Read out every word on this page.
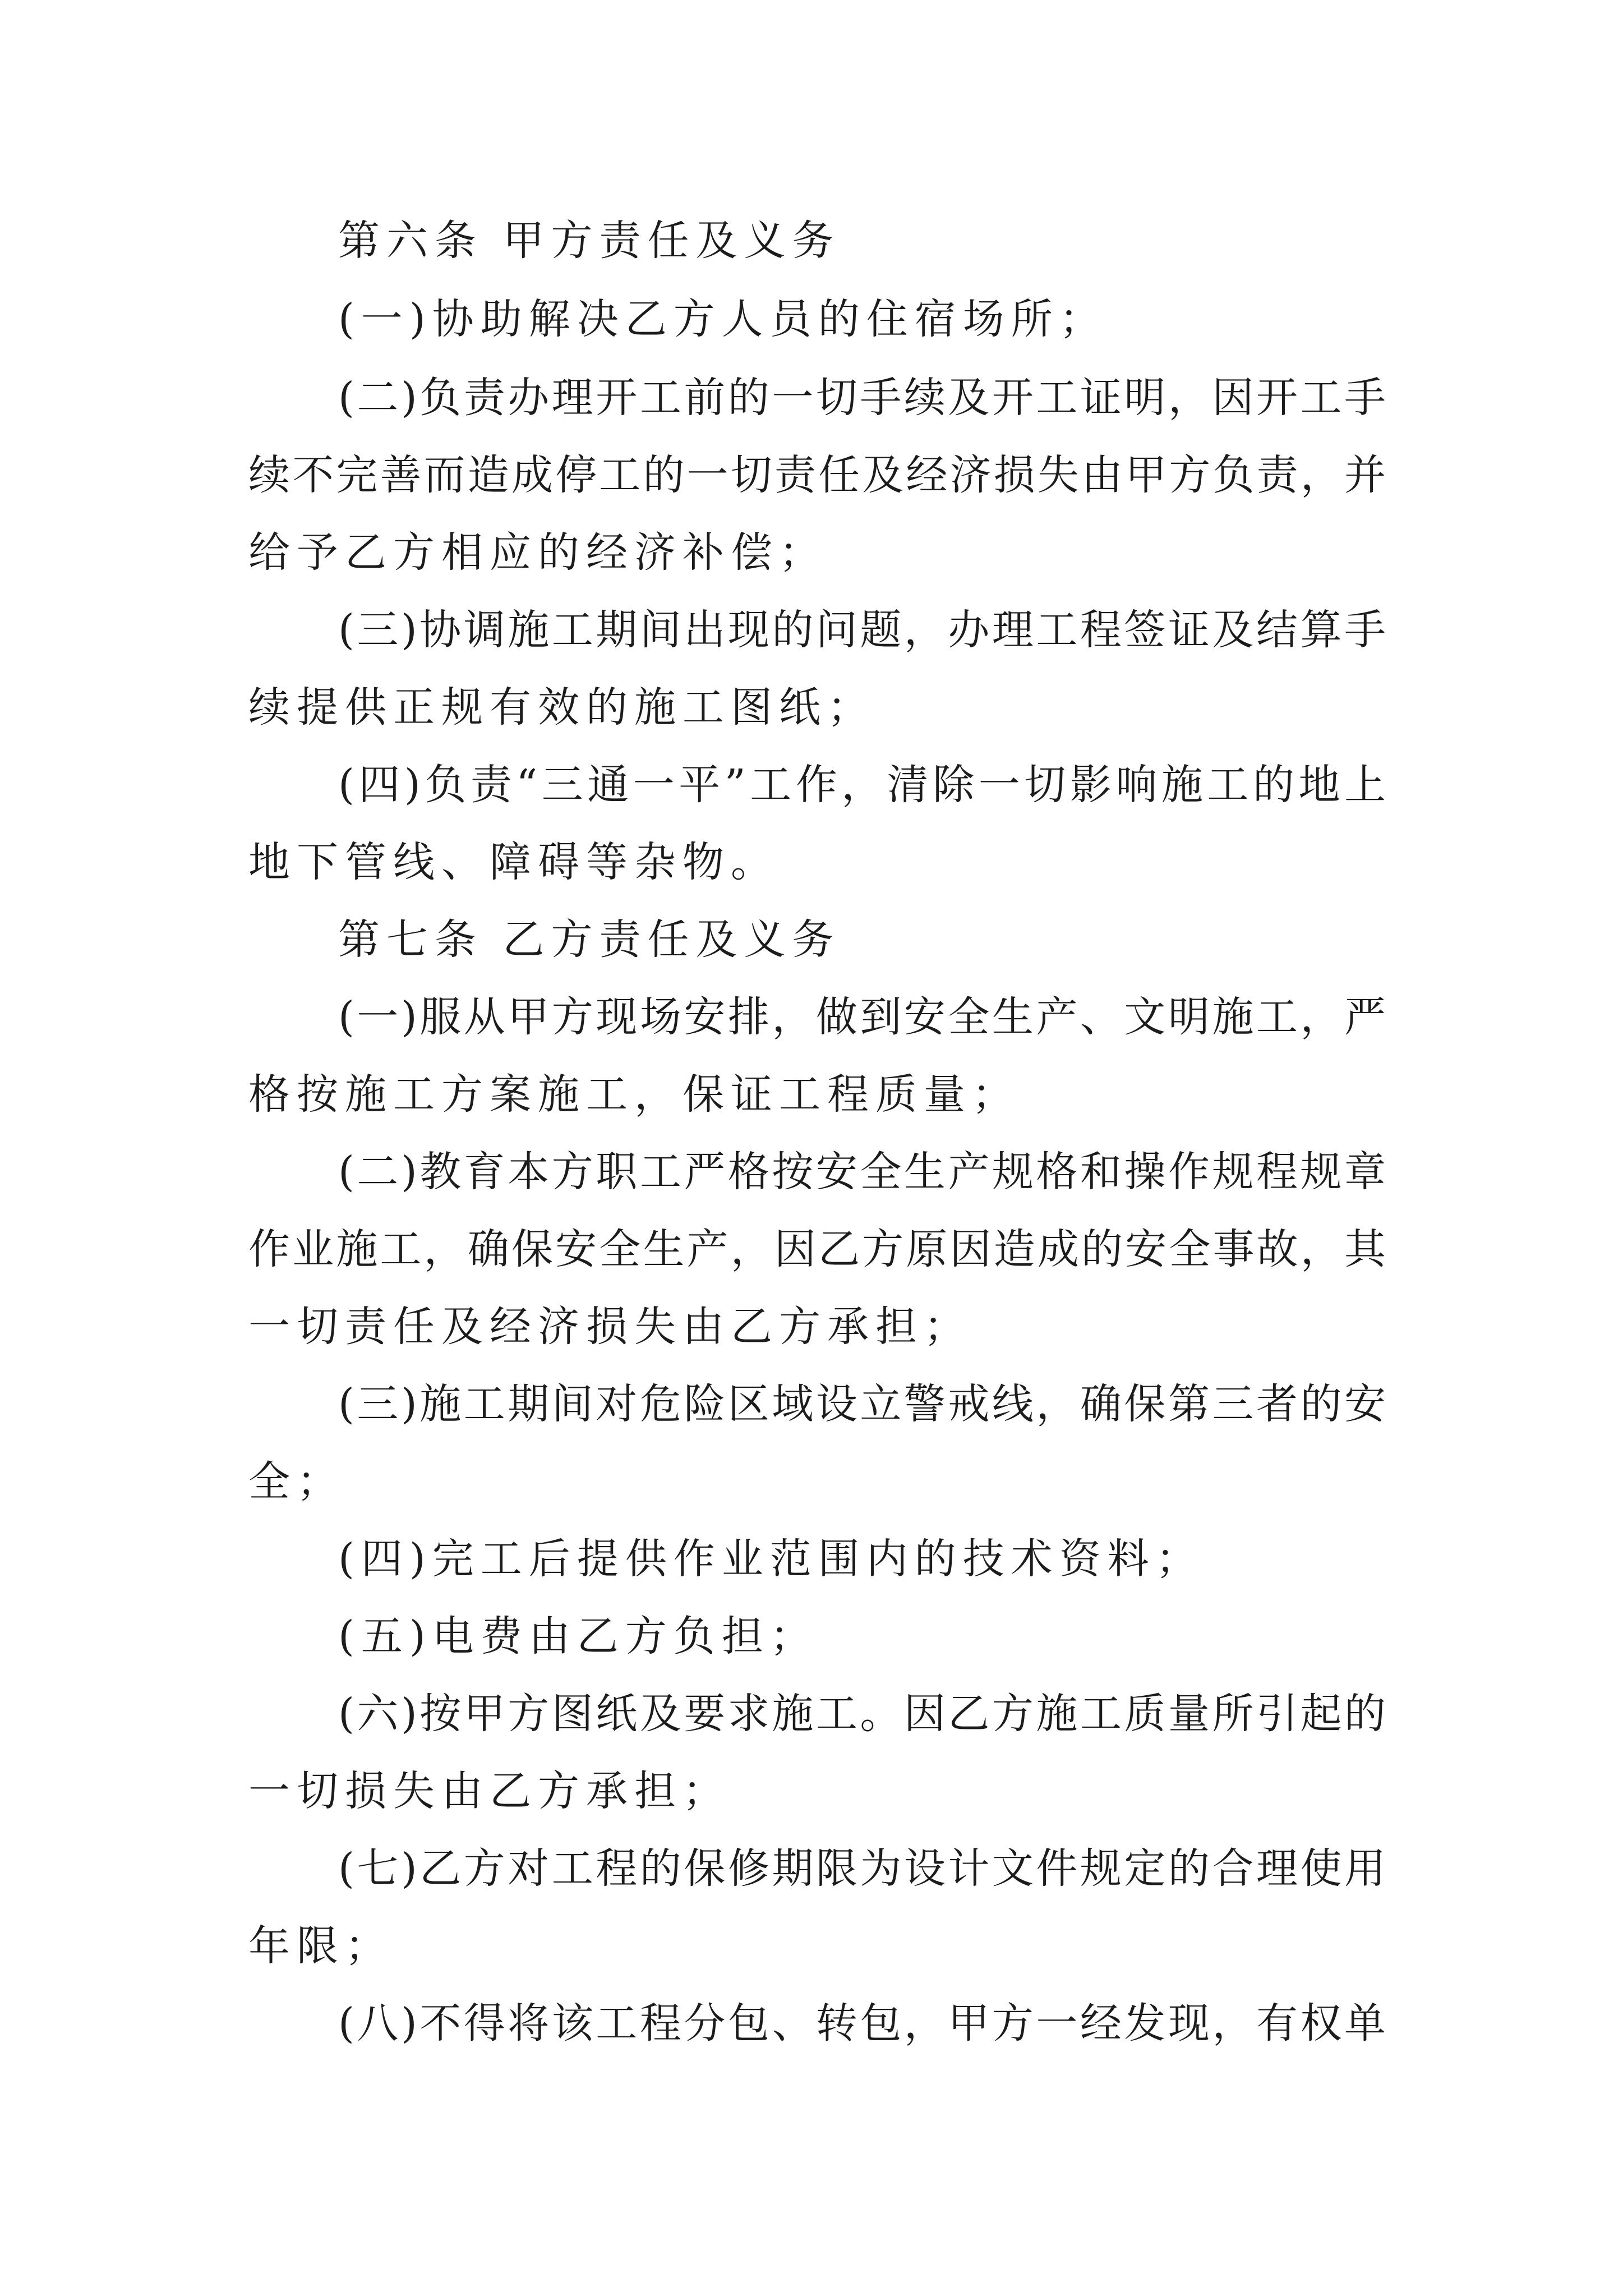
第六条 甲方责任及义务

(一)协助解决乙方人员的住宿场所；

(二)负责办理开工前的一切手续及开工证明，因开工手

续不完善而造成停工的一切责任及经济损失由甲方负责，并

给予乙方相应的经济补偿；

(三)协调施工期间出现的问题，办理工程签证及结算手

续提供正规有效的施工图纸；

(四)负责“三通一平”工作，清除一切影响施工的地上

地下管线、障碍等杂物。

第七条 乙方责任及义务

(一)服从甲方现场安排，做到安全生产、文明施工，严

格按施工方案施工，保证工程质量；

(二)教育本方职工严格按安全生产规格和操作规程规章

作业施工，确保安全生产，因乙方原因造成的安全事故，其

一切责任及经济损失由乙方承担；

(三)施工期间对危险区域设立警戒线，确保第三者的安

全；

(四)完工后提供作业范围内的技术资料；

(五)电费由乙方负担；

(六)按甲方图纸及要求施工。因乙方施工质量所引起的

一切损失由乙方承担；

(七)乙方对工程的保修期限为设计文件规定的合理使用

年限；

(八)不得将该工程分包、转包，甲方一经发现，有权单
